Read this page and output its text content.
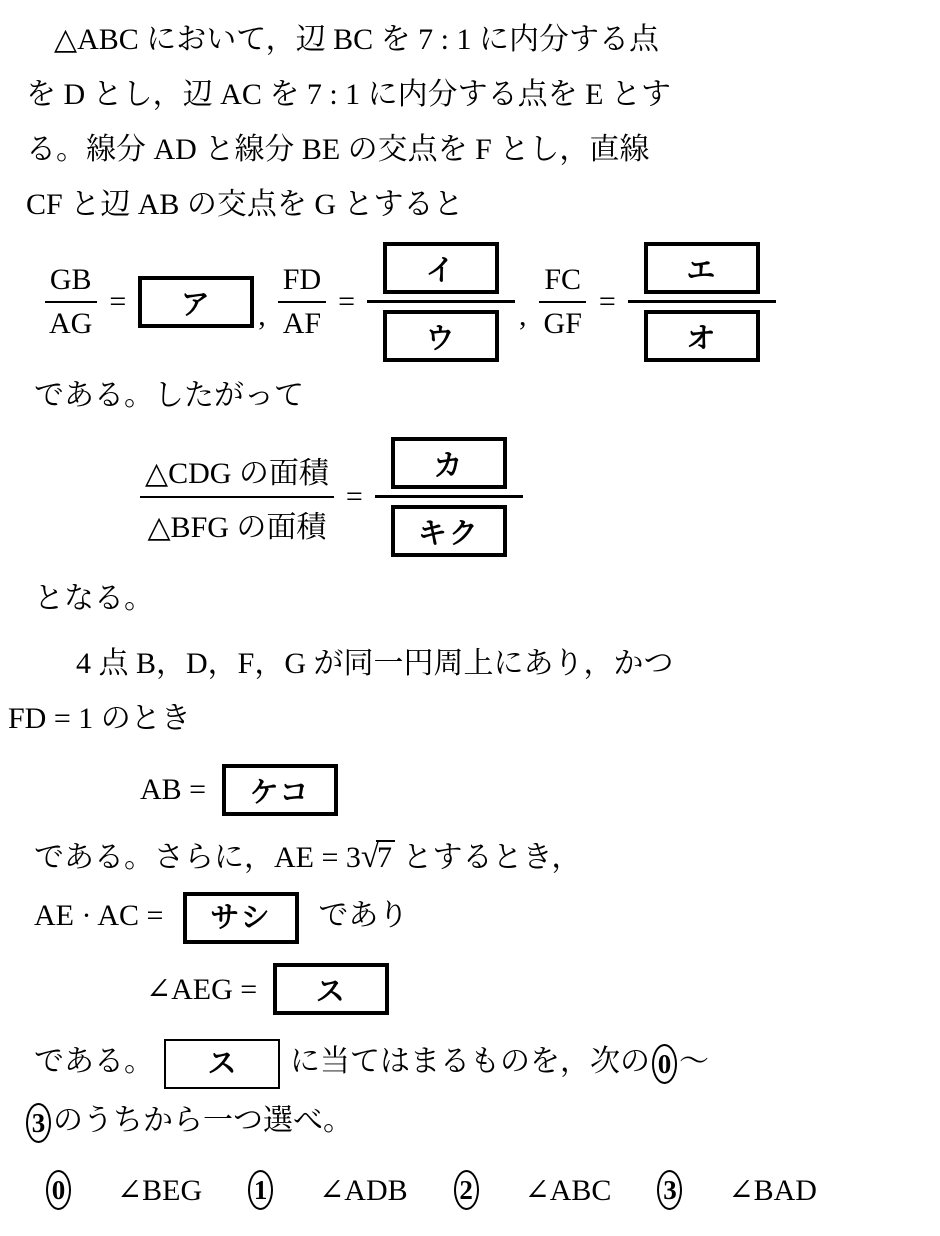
△ABC において，辺 BC を 7 : 1 に内分する点
を D とし，辺 AC を 7 : 1 に内分する点を E とす
る。線分 AD と線分 BE の交点を F とし，直線
CF と辺 AB の交点を G とすると
$\frac{GB}{AG}$ =	ア	, $\frac{FD}{AF}$ =
イ
ウ
, $\frac{FC}{GF}$ =
エ
オ
である。したがって
$\frac{\text{△CDG の面積}}{\text{△BFG の面積}}$ =
カ
キク
となる。
4 点 B，D，F，G が同一円周上にあり，かつ
FD = 1 のとき
AB =	ケコ
である。さらに，AE = 3√7 とするとき，
AE · AC = サシ であり
∠AEG =	ス
である。 ス に当てはまるものを，次の 0 ～
3 のうちから一つ選べ。
0 ∠BEG 1 ∠ADB 2 ∠ABC 3 ∠BAD
